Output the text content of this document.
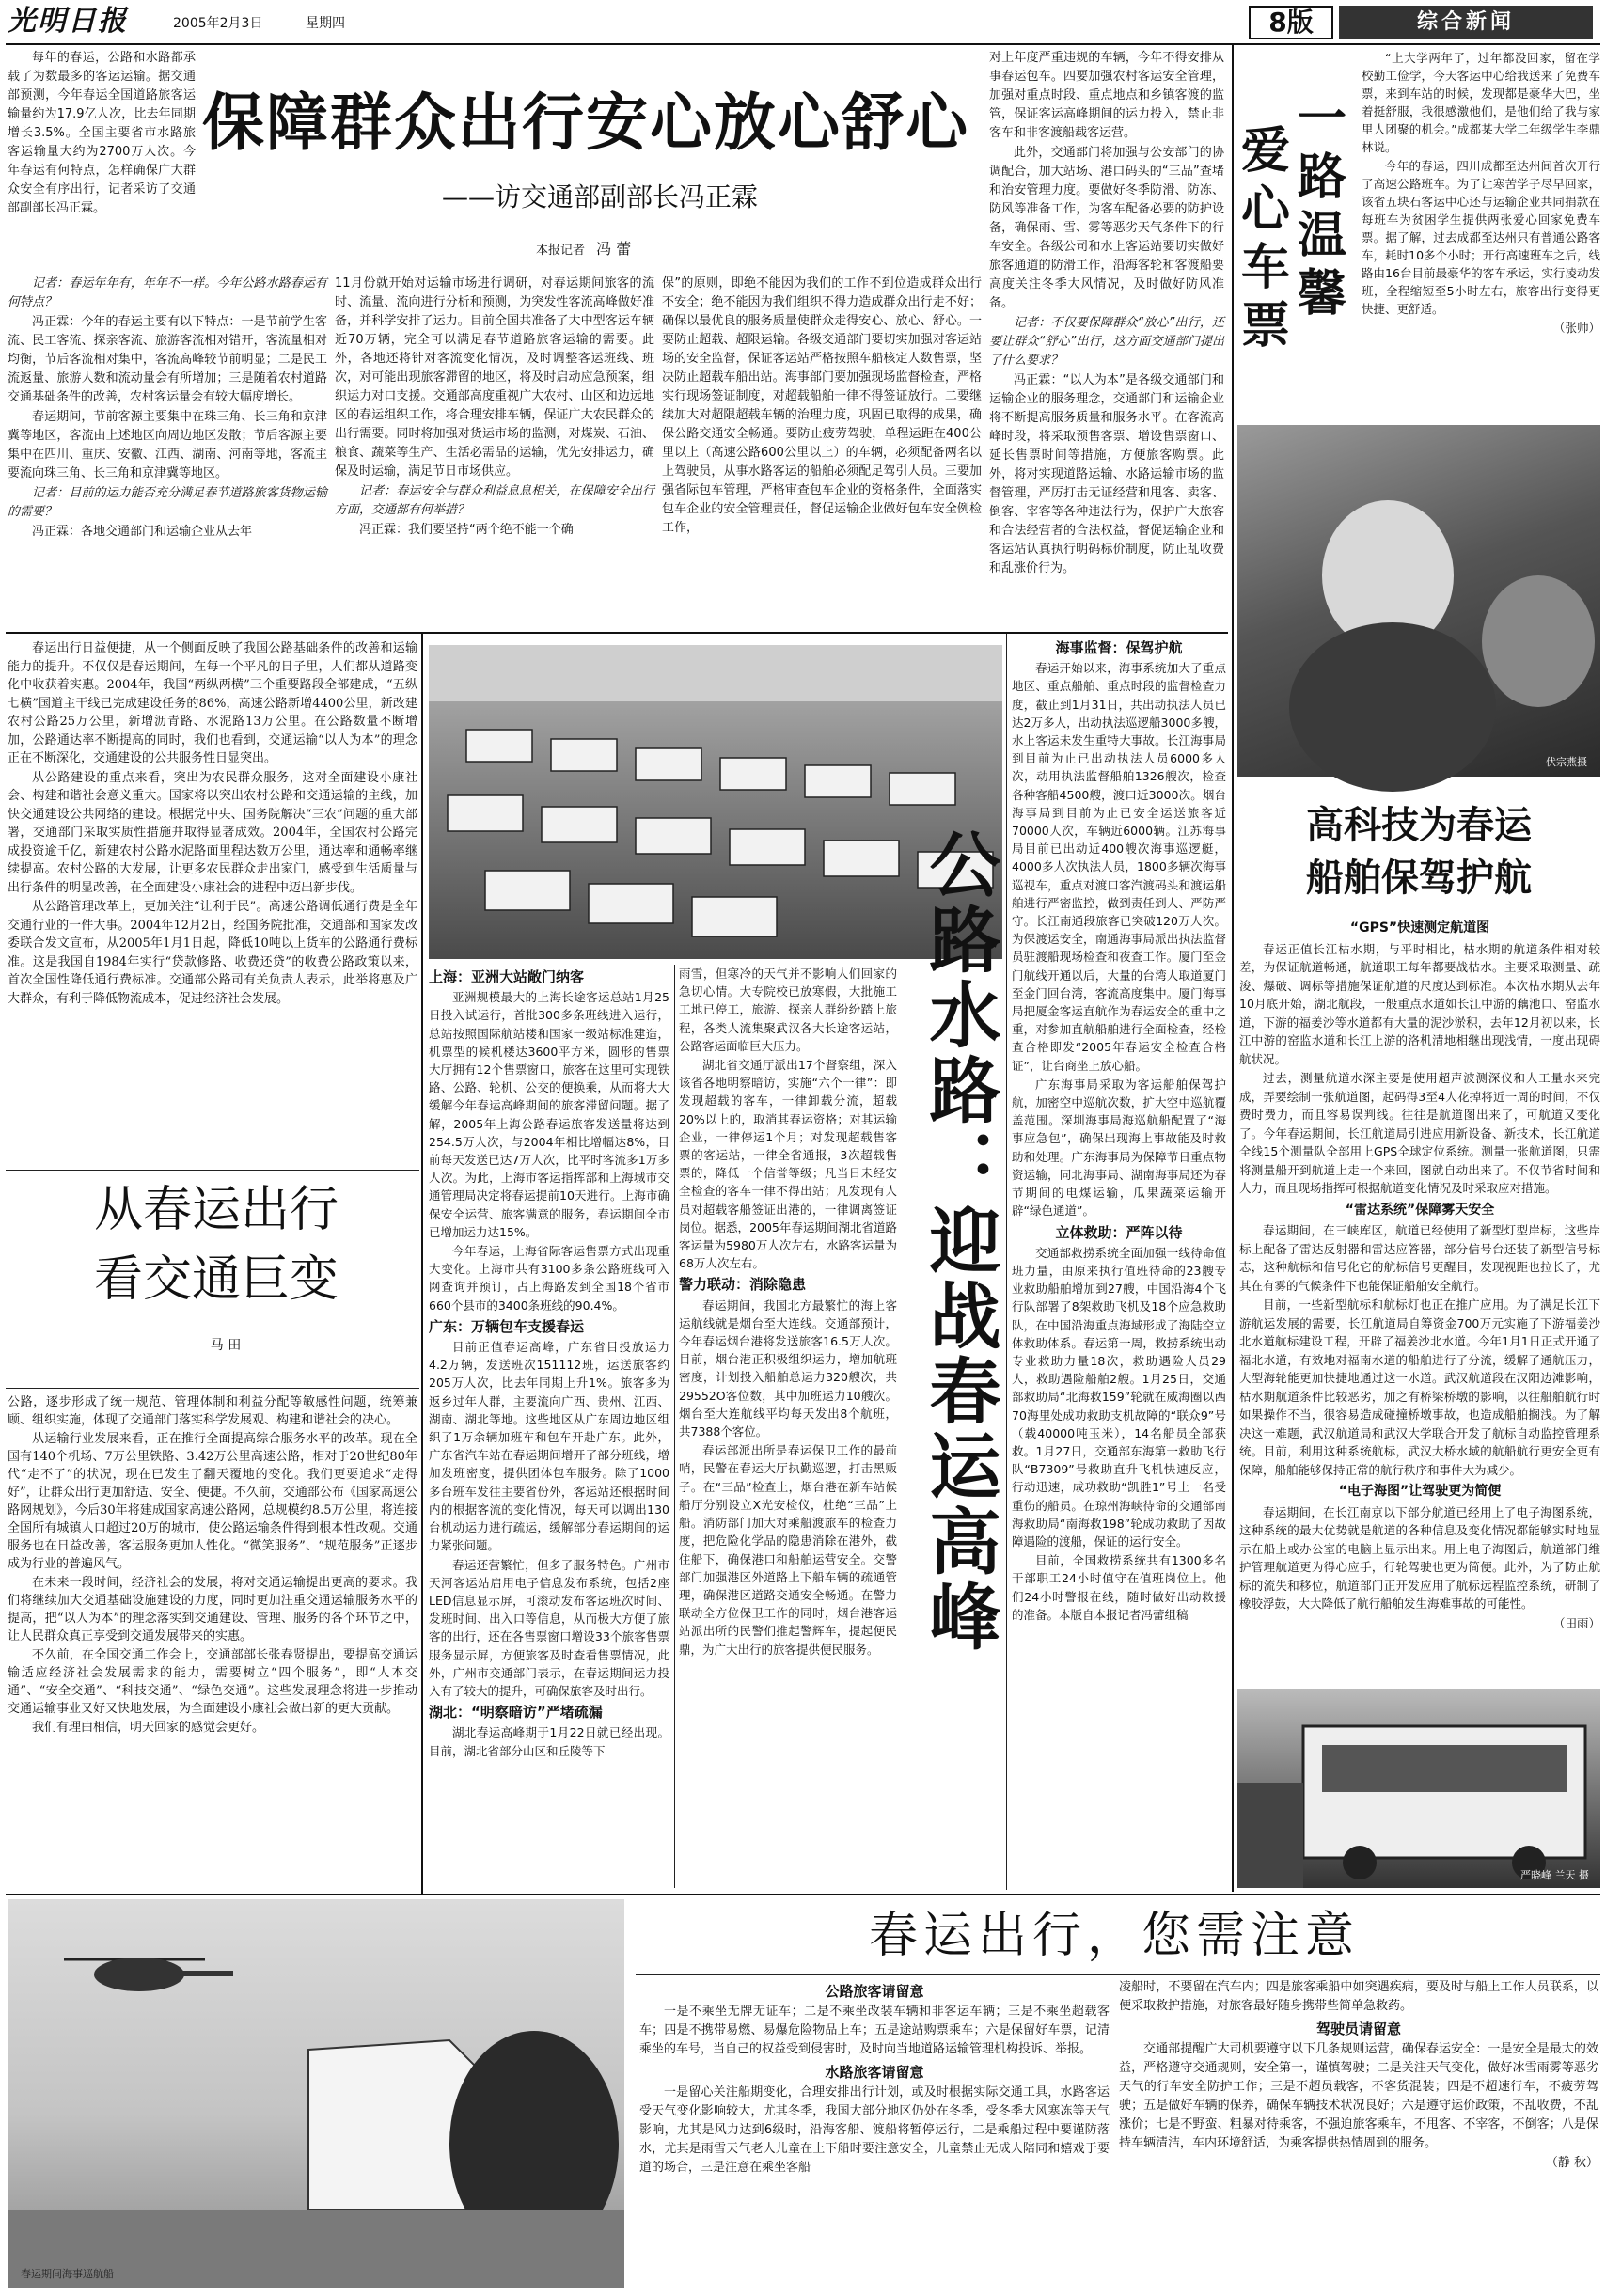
光明日报	2005年2月3日	星期四	8版	综合新闻

每年的春运，公路和水路都承载了为数最多的客运运输。据交通部预测，今年春运全国道路旅客运输量约为17.9亿人次，比去年同期增长3.5%。全国主要省市水路旅客运输量大约为2700万人次。今年春运有何特点，怎样确保广大群众安全有序出行，记者采访了交通部副部长冯正霖。

保障群众出行安心放心舒心
——访交通部副部长冯正霖
本报记者 冯 蕾

记者：春运年年有，年年不一样。今年公路水路春运有何特点？

冯正霖：今年的春运主要有以下特点：一是节前学生客流、民工客流、探亲客流、旅游客流相对错开，客流量相对均衡，节后客流相对集中，客流高峰较节前明显；二是民工流返量、旅游人数和流动量会有所增加；三是随着农村道路交通基础条件的改善，农村客运量会有较大幅度增长。

春运期间，节前客源主要集中在珠三角、长三角和京津冀等地区，客流由上述地区向周边地区发散；节后客源主要集中在四川、重庆、安徽、江西、湖南、河南等地，客流主要流向珠三角、长三角和京津冀等地区。

记者：目前的运力能否充分满足春节道路旅客货物运输的需要？

冯正霖：各地交通部门和运输企业从去年

11月份就开始对运输市场进行调研，对春运期间旅客的流时、流量、流向进行分析和预测，为突发性客流高峰做好准备，并科学安排了运力。目前全国共准备了大中型客运车辆近70万辆，完全可以满足春节道路旅客运输的需要。此外，各地还将针对客流变化情况，及时调整客运班线、班次，对可能出现旅客滞留的地区，将及时启动应急预案，组织运力对口支援。交通部高度重视广大农村、山区和边远地区的春运组织工作，将合理安排车辆，保证广大农民群众的出行需要。同时将加强对货运市场的监测，对煤炭、石油、粮食、蔬菜等生产、生活必需品的运输，优先安排运力，确保及时运输，满足节日市场供应。

记者：春运安全与群众利益息息相关，在保障安全出行方面，交通部有何举措？

冯正霖：我们要坚持“两个绝不能一个确

保”的原则，即绝不能因为我们的工作不到位造成群众出行不安全；绝不能因为我们组织不得力造成群众出行走不好；确保以最优良的服务质量使群众走得安心、放心、舒心。一要防止超载、超限运输。各级交通部门要切实加强对客运站场的安全监督，保证客运站严格按照车船核定人数售票，坚决防止超载车船出站。海事部门要加强现场监督检查，严格实行现场签证制度，对超载船舶一律不得签证放行。二要继续加大对超限超载车辆的治理力度，巩固已取得的成果，确保公路交通安全畅通。要防止疲劳驾驶，单程运距在400公里以上（高速公路600公里以上）的车辆，必须配备两名以上驾驶员，从事水路客运的船舶必须配足驾引人员。三要加强省际包车管理，严格审查包车企业的资格条件，全面落实包车企业的安全管理责任，督促运输企业做好包车安全例检工作，

对上年度严重违规的车辆，今年不得安排从事春运包车。四要加强农村客运安全管理，加强对重点时段、重点地点和乡镇客渡的监管，保证客运高峰期间的运力投入，禁止非客车和非客渡船载客运营。

此外，交通部门将加强与公安部门的协调配合，加大站场、港口码头的“三品”查堵和治安管理力度。要做好冬季防滑、防冻、防风等准备工作，为客车配备必要的防护设备，确保雨、雪、雾等恶劣天气条件下的行车安全。各级公司和水上客运站要切实做好旅客通道的防滑工作，沿海客轮和客渡船要高度关注冬季大风情况，及时做好防风准备。

记者：不仅要保障群众“放心”出行，还要让群众“舒心”出行，这方面交通部门提出了什么要求？

冯正霖：“以人为本”是各级交通部门和运输企业的服务理念，交通部门和运输企业将不断提高服务质量和服务水平。在客流高峰时段，将采取预售客票、增设售票窗口、延长售票时间等措施，方便旅客购票。此外，将对实现道路运输、水路运输市场的监督管理，严厉打击无证经营和甩客、卖客、倒客、宰客等各种违法行为，保护广大旅客和合法经营者的合法权益，督促运输企业和客运站认真执行明码标价制度，防止乱收费和乱涨价行为。

爱
心
车
票
一
路
温
馨

“上大学两年了，过年都没回家，留在学校勤工俭学，今天客运中心给我送来了免费车票，来到车站的时候，发现都是豪华大巴，坐着挺舒服，我很感激他们，是他们给了我与家里人团聚的机会。”成都某大学二年级学生李鼎林说。

今年的春运，四川成都至达州间首次开行了高速公路班车。为了让寒苦学子尽早回家，该省五块石客运中心还与运输企业共同捐款在每班车为贫困学生提供两张爱心回家免费车票。据了解，过去成都至达州只有普通公路客车，耗时10多个小时；开行高速班车之后，线路由16台目前最豪华的客车承运，实行凌动发班，全程缩短至5小时左右，旅客出行变得更快捷、更舒适。

（张帅）

伏宗燕摄
高科技为春运
船舶保驾护航
“GPS”快速测定航道图

春运正值长江枯水期，与平时相比，枯水期的航道条件相对较差，为保证航道畅通，航道职工每年都要战枯水。主要采取测量、疏浚、爆破、调标等措施保证航道的尺度达到标准。本次枯水期从去年10月底开始，湖北航段，一般重点水道如长江中游的藕池口、窑监水道，下游的福姜沙等水道都有大量的泥沙淤积，去年12月初以来，长江中游的窑监水道和长江上游的洛机清地相继出现浅情，一度出现碍航状况。

过去，测量航道水深主要是使用超声波测深仪和人工量水来完成，弄要绘制一张航道图，起码得3至4人花掉将近一周的时间，不仅费时费力，而且容易误判线。往往是航道图出来了，可航道又变化了。今年春运期间，长江航道局引进应用新设备、新技术，长江航道全线15个测量队全部用上GPS全球定位系统。测量一张航道图，只需将测量船开到航道上走一个来回，图就自动出来了。不仅节省时间和人力，而且现场指挥可根据航道变化情况及时采取应对措施。

“雷达系统”保障雾天安全

春运期间，在三峡库区，航道已经使用了新型灯型岸标，这些岸标上配备了雷达反射器和雷达应答器，部分信号台还装了新型信号标志，这种航标和信号化它的航标信号更醒目，发现视距也拉长了，尤其在有雾的气候条件下也能保证船舶安全航行。

目前，一些新型航标和航标灯也正在推广应用。为了满足长江下游航运发展的需要，长江航道局自筹资金700万元实施了下游福姜沙北水道航标建设工程，开辟了福姜沙北水道。今年1月1日正式开通了福北水道，有效地对福南水道的船舶进行了分流，缓解了通航压力，大型海轮能更加快捷地通过这一水道。武汉航道段在汉阳边滩影响，枯水期航道条件比较恶劣，加之有桥梁桥墩的影响，以往船舶航行时如果操作不当，很容易造成碰撞桥墩事故，也造成船舶搁浅。为了解决这一难题，武汉航道局和武汉大学联合开发了航标自动监控管理系统。目前，利用这种系统航标，武汉大桥水域的航船航行更安全更有保障，船舶能够保持正常的航行秩序和事件大为减少。

“电子海图”让驾驶更为简便

春运期间，在长江南京以下部分航道已经用上了电子海图系统，这种系统的最大优势就是航道的各种信息及变化情况都能够实时地显示在船上或办公室的电脑上显示出来。用上电子海图后，航道部门维护管理航道更为得心应手，行轮驾驶也更为简便。此外，为了防止航标的流失和移位，航道部门正开发应用了航标远程监控系统，研制了橡胶浮鼓，大大降低了航行船舶发生海难事故的可能性。

（田雨）

严晓峰 兰天 摄

春运出行日益便捷，从一个侧面反映了我国公路基础条件的改善和运输能力的提升。不仅仅是春运期间，在每一个平凡的日子里，人们都从道路变化中收获着实惠。2004年，我国“两纵两横”三个重要路段全部建成，“五纵七横”国道主干线已完成建设任务的86%，高速公路新增4400公里，新改建农村公路25万公里，新增沥青路、水泥路13万公里。在公路数量不断增加，公路通达率不断提高的同时，我们也看到，交通运输“以人为本”的理念正在不断深化，交通建设的公共服务性日显突出。

从公路建设的重点来看，突出为农民群众服务，这对全面建设小康社会、构建和谐社会意义重大。国家将以突出农村公路和交通运输的主线，加快交通建设公共网络的建设。根据党中央、国务院解决“三农”问题的重大部署，交通部门采取实质性措施并取得显著成效。2004年，全国农村公路完成投资逾千亿，新建农村公路水泥路面里程达数万公里，通达率和通畅率继续提高。农村公路的大发展，让更多农民群众走出家门，感受到生活质量与出行条件的明显改善，在全面建设小康社会的进程中迈出新步伐。

从公路管理改革上，更加关注“让利于民”。高速公路调低通行费是全年交通行业的一件大事。2004年12月2日，经国务院批准，交通部和国家发改委联合发文宣布，从2005年1月1日起，降低10吨以上货车的公路通行费标准。这是我国自1984年实行“贷款修路、收费还贷”的收费公路政策以来，首次全国性降低通行费标准。交通部公路司有关负责人表示，此举将惠及广大群众，有利于降低物流成本，促进经济社会发展。

从春运出行
看交通巨变
马 田

公路，逐步形成了统一规范、管理体制和利益分配等敏感性问题，统筹兼顾、组织实施，体现了交通部门落实科学发展观、构建和谐社会的决心。

从运输行业发展来看，正在推行全面提高综合服务水平的改革。现在全国有140个机场、7万公里铁路、3.42万公里高速公路，相对于20世纪80年代“走不了”的状况，现在已发生了翻天覆地的变化。我们更要追求“走得好”，让群众出行更加舒适、安全、便捷。不久前，交通部公布《国家高速公路网规划》，今后30年将建成国家高速公路网，总规模约8.5万公里，将连接全国所有城镇人口超过20万的城市，使公路运输条件得到根本性改观。交通服务也在日益改善，客运服务更加人性化。“微笑服务”、“规范服务”正逐步成为行业的普遍风气。

在未来一段时间，经济社会的发展，将对交通运输提出更高的要求。我们将继续加大交通基础设施建设的力度，同时更加注重交通运输服务水平的提高，把“以人为本”的理念落实到交通建设、管理、服务的各个环节之中，让人民群众真正享受到交通发展带来的实惠。

不久前，在全国交通工作会上，交通部部长张春贤提出，要提高交通运输适应经济社会发展需求的能力，需要树立“四个服务”，即“人本交通”、“安全交通”、“科技交通”、“绿色交通”。这些发展理念将进一步推动交通运输事业又好又快地发展，为全面建设小康社会做出新的更大贡献。

我们有理由相信，明天回家的感觉会更好。

公路水路：迎战春运高峰
上海：亚洲大站敞门纳客

亚洲规模最大的上海长途客运总站1月25日投入试运行，首批300多条班线进入运行，总站按照国际航站楼和国家一级站标准建造，机票型的候机楼达3600平方米，圆形的售票大厅拥有12个售票窗口，旅客在这里可实现铁路、公路、轮机、公交的便换乘，从而将大大缓解今年春运高峰期间的旅客滞留问题。据了解，2005年上海公路春运旅客发送量将达到254.5万人次，与2004年相比增幅达8%，目前每天发送已达7万人次，比平时客流多1万多人次。为此，上海市客运指挥部和上海城市交通管理局决定将春运提前10天进行。上海市确保安全运营、旅客满意的服务，春运期间全市已增加运力达15%。

今年春运，上海省际客运售票方式出现重大变化。上海市共有3100多条公路班线可入网查询并预订，占上海路发到全国18个省市660个县市的3400条班线的90.4%。

广东：万辆包车支援春运

目前正值春运高峰，广东省目投放运力4.2万辆，发送班次151112班，运送旅客约205万人次，比去年同期上升1%。旅客多为返乡过年人群，主要流向广西、贵州、江西、湖南、湖北等地。这些地区从广东周边地区组织了1万余辆加班车和包车开赴广东。此外，广东省汽车站在春运期间增开了部分班线，增加发班密度，提供团体包车服务。除了1000多台班车发往主要省份外，客运站还根据时间内的根据客流的变化情况，每天可以调出130台机动运力进行疏运，缓解部分春运期间的运力紧张问题。

春运还营繁忙，但多了服务特色。广州市天河客运站启用电子信息发布系统，包括2座LED信息显示屏，可滚动发布客运班次时间、发班时间、出入口等信息，从而极大方便了旅客的出行，还在各售票窗口增设33个旅客售票服务显示屏，方便旅客及时查看售票情况，此外，广州市交通部门表示，在春运期间运力投入有了较大的提升，可确保旅客及时出行。

湖北：“明察暗访”严堵疏漏

湖北春运高峰期于1月22日就已经出现。目前，湖北省部分山区和丘陵等下

雨雪，但寒冷的天气并不影响人们回家的急切心情。大专院校已放寒假，大批施工工地已停工，旅游、探亲人群纷纷踏上旅程，各类人流集聚武汉各大长途客运站，公路客运面临巨大压力。

湖北省交通厅派出17个督察组，深入该省各地明察暗访，实施“六个一律”：即发现超载的客车，一律卸载分流，超载20%以上的，取消其春运资格；对其运输企业，一律停运1个月；对发现超载售客票的客运站，一律全省通报，3次超载售票的，降低一个信誉等级；凡当日未经安全检查的客车一律不得出站；凡发现有人员对超载客船签证出港的，一律调离签证岗位。据悉，2005年春运期间湖北省道路客运量为5980万人次左右，水路客运量为68万人次左右。

警力联动：消除隐患

春运期间，我国北方最繁忙的海上客运航线就是烟台至大连线。交通部预计，今年春运烟台港将发送旅客16.5万人次。目前，烟台港正积极组织运力，增加航班密度，计划投入船舶总运力320艘次，共29552O客位数，其中加班运力10艘次。烟台至大连航线平均每天发出8个航班，共7388个客位。

春运部派出所是春运保卫工作的最前哨，民警在春运大厅执勤巡逻，打击黑贩子。在“三品”检查上，烟台港在新车站候船厅分别设立X光安检仪，杜绝“三品”上船。消防部门加大对乘船渡旅车的检查力度，把危险化学品的隐患消除在港外，截住船下，确保港口和船舶运营安全。交警部门加强港区外道路上下船车辆的疏通管理，确保港区道路交通安全畅通。在警力联动全方位保卫工作的同时，烟台港客运站派出所的民警们推起警辉车，提起便民鼎，为广大出行的旅客提供便民服务。

海事监督：保驾护航

春运开始以来，海事系统加大了重点地区、重点船舶、重点时段的监督检查力度，截止到1月31日，共出动执法人员已达2万多人，出动执法巡逻船3000多艘，水上客运未发生重特大事故。长江海事局到目前为止已出动执法人员6000多人次，动用执法监督船舶1326艘次，检查各种客船4500艘，渡口近3000次。烟台海事局到目前为止已安全运送旅客近70000人次，车辆近6000辆。江苏海事局目前已出动近400艘次海事巡逻艇，4000多人次执法人员，1800多辆次海事巡视车，重点对渡口客汽渡码头和渡运船舶进行严密监控，做到责任到人、严防严守。长江南通段旅客已突破120万人次。为保渡运安全，南通海事局派出执法监督员驻渡船现场检查和夜查工作。厦门至金门航线开通以后，大量的台湾人取道厦门至金门回台湾，客流高度集中。厦门海事局把厦金客运直航作为春运安全的重中之重，对参加直航船舶进行全面检查，经检查合格即发“2005年春运安全检查合格证”，让台商坐上放心船。

广东海事局采取为客运船舶保驾护航，加密空中巡航次数，扩大空中巡航覆盖范围。深圳海事局海巡航船配置了“海事应急包”，确保出现海上事故能及时救助和处理。广东海事局为保障节日重点物资运输，同北海事局、湖南海事局还为春节期间的电煤运输，瓜果蔬菜运输开辟“绿色通道”。

立体救助：严阵以待

交通部救捞系统全面加强一线待命值班力量，由原来执行值班待命的23艘专业救助船舶增加到27艘，中国沿海4个飞行队部署了8架救助飞机及18个应急救助队，在中国沿海重点海域形成了海陆空立体救助体系。春运第一周，救捞系统出动专业救助力量18次，救助遇险人员29人，救助遇险船舶2艘。1月25日，交通部救助局“北海救159”轮就在威海圈以西70海里处成功救助支机故障的“联众9”号（载40000吨玉米），14名船员全部获救。1月27日，交通部东海第一救助飞行队“B7309”号救助直升飞机快速反应，行动迅速，成功救助“凯胜1”号上一名受重伤的船员。在琼州海峡待命的交通部南海救助局“南海救198”轮成功救助了因故障遇险的渡船，保证的运行安全。

目前，全国救捞系统共有1300多名干部职工24小时值守在值班岗位上。他们24小时警报在线，随时做好出动救援的准备。本版自本报记者冯蕾组稿

春运期间海事巡航船
春运出行，您需注意
公路旅客请留意

一是不乘坐无牌无证车；二是不乘坐改装车辆和非客运车辆；三是不乘坐超载客车；四是不携带易燃、易爆危险物品上车；五是途站购票乘车；六是保留好车票，记清乘坐的车号，当自己的权益受到侵害时，及时向当地道路运输管理机构投诉、举报。

水路旅客请留意

一是留心关注船期变化，合理安排出行计划，或及时根据实际交通工具，水路客运受天气变化影响较大，尤其冬季，我国大部分地区仍处在冬季，受冬季大风寒冻等天气影响，尤其是风力达到6级时，沿海客船、渡船将暂停运行，二是乘船过程中要谨防落水，尤其是雨雪天气老人儿童在上下船时要注意安全，儿童禁止无成人陪同和嬉戏于要道的场合，三是注意在乘坐客船

凌船时，不要留在汽车内；四是旅客乘船中如突遇疾病，要及时与船上工作人员联系，以便采取救护措施，对旅客最好随身携带些简单急救药。

驾驶员请留意

交通部提醒广大司机要遵守以下几条规则运营，确保春运安全：一是安全是最大的效益，严格遵守交通规则，安全第一，谨慎驾驶；二是关注天气变化，做好冰雪雨雾等恶劣天气的行车安全防护工作；三是不超员载客，不客货混装；四是不超速行车，不疲劳驾驶；五是做好车辆的保养，确保车辆技术状况良好；六是遵守运价政策，不乱收费，不乱涨价；七是不野蛮、粗暴对待乘客，不强迫旅客乘车，不甩客、不宰客，不倒客；八是保持车辆清洁，车内环境舒适，为乘客提供热情周到的服务。

（静 秋）
